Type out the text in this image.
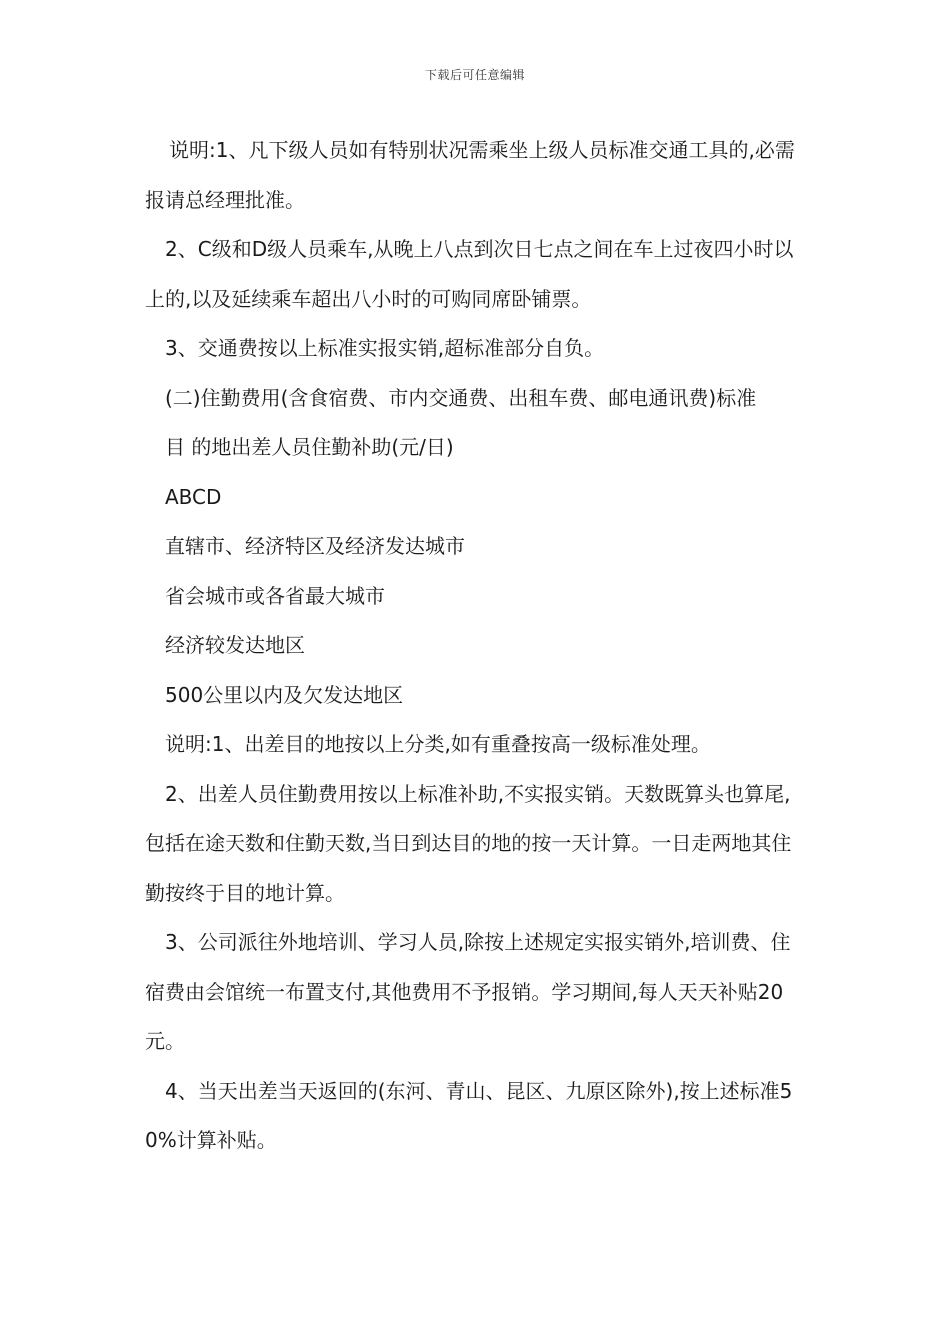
下载后可任意编辑

说明:1、凡下级人员如有特别状况需乘坐上级人员标准交通工具的,必需报请总经理批准。

2、C级和D级人员乘车,从晚上八点到次日七点之间在车上过夜四小时以上的,以及延续乘车超出八小时的可购同席卧铺票。

3、交通费按以上标准实报实销,超标准部分自负。

(二)住勤费用(含食宿费、市内交通费、出租车费、邮电通讯费)标准

目 的地出差人员住勤补助(元/日)

ABCD

直辖市、经济特区及经济发达城市

省会城市或各省最大城市

经济较发达地区

500公里以内及欠发达地区

说明:1、出差目的地按以上分类,如有重叠按高一级标准处理。

2、出差人员住勤费用按以上标准补助,不实报实销。天数既算头也算尾,包括在途天数和住勤天数,当日到达目的地的按一天计算。一日走两地其住勤按终于目的地计算。

3、公司派往外地培训、学习人员,除按上述规定实报实销外,培训费、住宿费由会馆统一布置支付,其他费用不予报销。学习期间,每人天天补贴20元。

4、当天出差当天返回的(东河、青山、昆区、九原区除外),按上述标准50%计算补贴。
